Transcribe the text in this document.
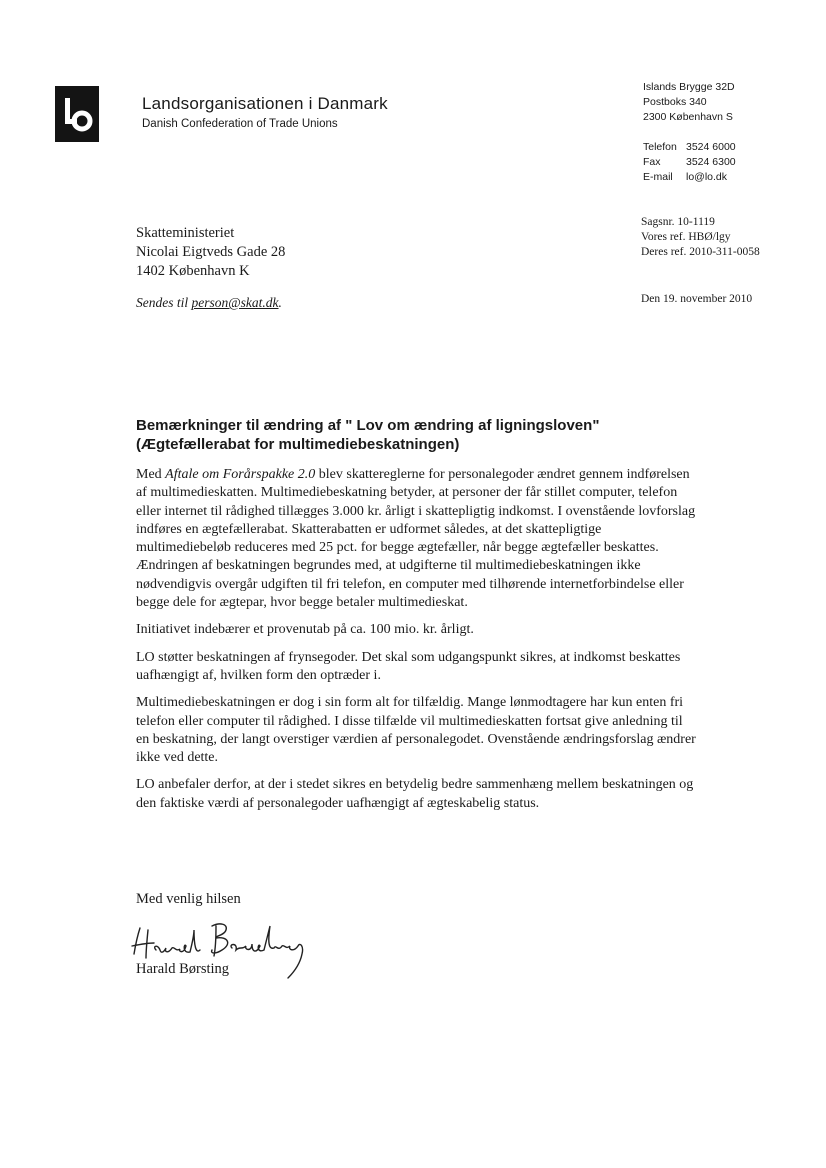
Landsorganisationen i Danmark
Danish Confederation of Trade Unions
Islands Brygge 32D
Postboks 340
2300 København S
Telefon 3524 6000
Fax	3524 6300
E-mail	lo@lo.dk
Skatteministeriet
Nicolai Eigtveds Gade 28
1402 København K
Sagsnr. 10-1119
Vores ref. HBØ/lgy
Deres ref. 2010-311-0058
Sendes til person@skat.dk.	Den 19. november 2010
Bemærkninger til ændring af " Lov om ændring af ligningsloven"
(Ægtefællerabat for multimediebeskatningen)

Med Aftale om Forårspakke 2.0 blev skattereglerne for personalegoder ændret gennem indførelsen af multimedieskatten. Multimediebeskatning betyder, at personer der får stillet computer, telefon eller internet til rådighed tillægges 3.000 kr. årligt i skattepligtig indkomst. I ovenstående lovforslag indføres en ægtefællerabat. Skatterabatten er udformet således, at det skattepligtige multimediebeløb reduceres med 25 pct. for begge ægtefæller, når begge ægtefæller beskattes. Ændringen af beskatningen begrundes med, at udgifterne til multimediebeskatningen ikke nødvendigvis overgår udgiften til fri telefon, en computer med tilhørende internetforbindelse eller begge dele for ægtepar, hvor begge betaler multimedieskat.

Initiativet indebærer et provenutab på ca. 100 mio. kr. årligt.

LO støtter beskatningen af frynsegoder. Det skal som udgangspunkt sikres, at indkomst beskattes uafhængigt af, hvilken form den optræder i.

Multimediebeskatningen er dog i sin form alt for tilfældig. Mange lønmodtagere har kun enten fri telefon eller computer til rådighed. I disse tilfælde vil multimedieskatten fortsat give anledning til en beskatning, der langt overstiger værdien af personalegodet. Ovenstående ændringsforslag ændrer ikke ved dette.

LO anbefaler derfor, at der i stedet sikres en betydelig bedre sammenhæng mellem beskatningen og den faktiske værdi af personalegoder uafhængigt af ægteskabelig status.

Med venlig hilsen
Harald Børsting
